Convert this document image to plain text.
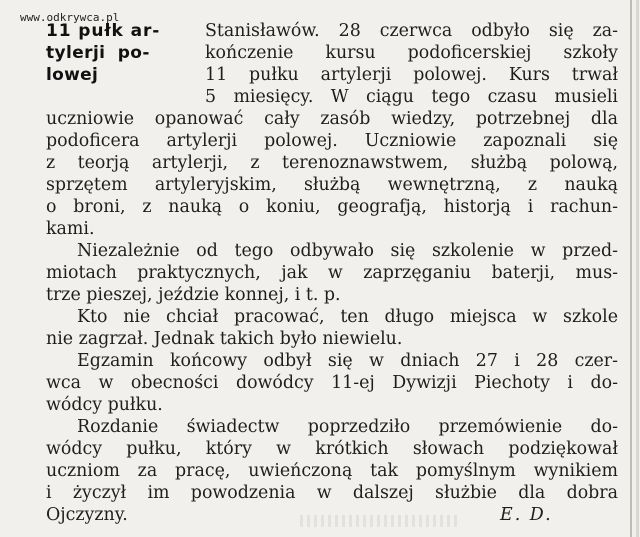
www.odkrywca.pl
11 pułk ar-
tylerji po-
lowej
Stanisławów. 28 czerwca odbyło się za-
kończenie kursu podoficerskiej szkoły
11 pułku artylerji polowej. Kurs trwał
5 miesięcy. W ciągu tego czasu musieli
uczniowie opanować cały zasób wiedzy, potrzebnej dla
podoficera artylerji polowej. Uczniowie zapoznali się
z teorją artylerji, z terenoznawstwem, służbą polową,
sprzętem artyleryjskim, służbą wewnętrzną, z nauką
o broni, z nauką o koniu, geografją, historją i rachun-
kami.
Niezależnie od tego odbywało się szkolenie w przed-
miotach praktycznych, jak w zaprzęganiu baterji, mus-
trze pieszej, jeździe konnej, i t. p.
Kto nie chciał pracować, ten długo miejsca w szkole
nie zagrzał. Jednak takich było niewielu.
Egzamin końcowy odbył się w dniach 27 i 28 czer-
wca w obecności dowódcy 11-ej Dywizji Piechoty i do-
wódcy pułku.
Rozdanie świadectw poprzedziło przemówienie do-
wódcy pułku, który w krótkich słowach podziękował
uczniom za pracę, uwieńczoną tak pomyślnym wynikiem
i życzył im powodzenia w dalszej służbie dla dobra
Ojczyzny.	E. D.
